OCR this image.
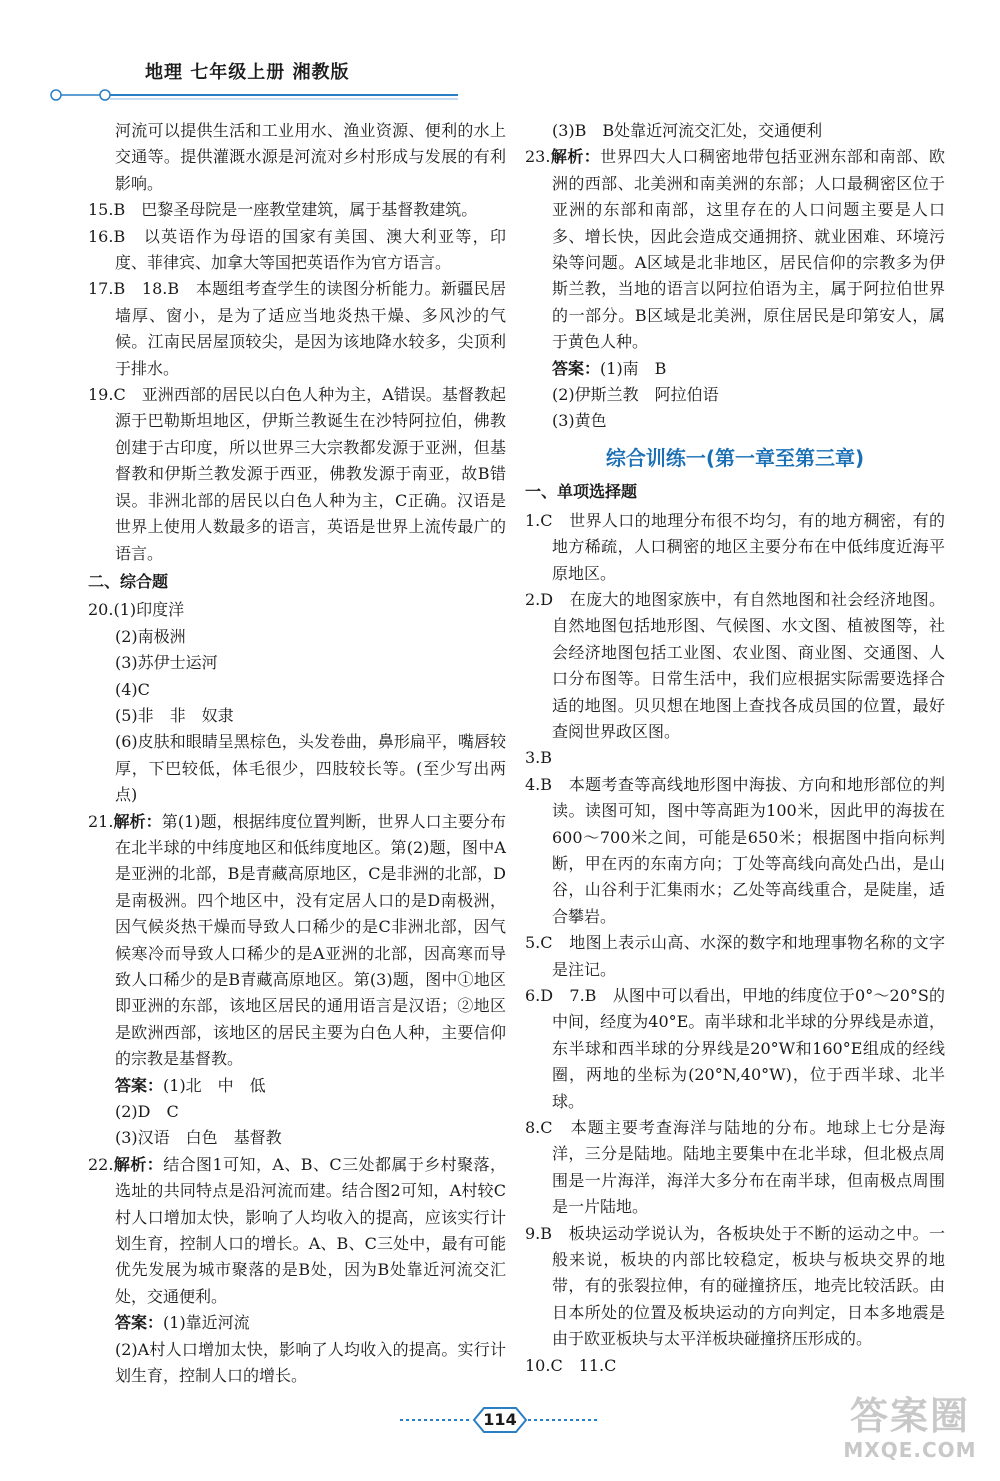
地理 七年级上册 湘教版

河流可以提供生活和工业用水、渔业资源、便利的水上交通等。提供灌溉水源是河流对乡村形成与发展的有利影响。

15.B　巴黎圣母院是一座教堂建筑，属于基督教建筑。

16.B　以英语作为母语的国家有美国、澳大利亚等，印度、菲律宾、加拿大等国把英语作为官方语言。

17.B　18.B　本题组考查学生的读图分析能力。新疆民居墙厚、窗小，是为了适应当地炎热干燥、多风沙的气候。江南民居屋顶较尖，是因为该地降水较多，尖顶利于排水。

19.C　亚洲西部的居民以白色人种为主，A错误。基督教起源于巴勒斯坦地区，伊斯兰教诞生在沙特阿拉伯，佛教创建于古印度，所以世界三大宗教都发源于亚洲，但基督教和伊斯兰教发源于西亚，佛教发源于南亚，故B错误。非洲北部的居民以白色人种为主，C正确。汉语是世界上使用人数最多的语言，英语是世界上流传最广的语言。

二、综合题

20.(1)印度洋

(2)南极洲

(3)苏伊士运河

(4)C

(5)非　非　奴隶

(6)皮肤和眼睛呈黑棕色，头发卷曲，鼻形扁平，嘴唇较厚，下巴较低，体毛很少，四肢较长等。(至少写出两点)

21.解析：第(1)题，根据纬度位置判断，世界人口主要分布在北半球的中纬度地区和低纬度地区。第(2)题，图中A是亚洲的北部，B是青藏高原地区，C是非洲的北部，D是南极洲。四个地区中，没有定居人口的是D南极洲，因气候炎热干燥而导致人口稀少的是C非洲北部，因气候寒冷而导致人口稀少的是A亚洲的北部，因高寒而导致人口稀少的是B青藏高原地区。第(3)题，图中①地区即亚洲的东部，该地区居民的通用语言是汉语；②地区是欧洲西部，该地区的居民主要为白色人种，主要信仰的宗教是基督教。

答案：(1)北　中　低

(2)D　C

(3)汉语　白色　基督教

22.解析：结合图1可知，A、B、C三处都属于乡村聚落，选址的共同特点是沿河流而建。结合图2可知，A村较C村人口增加太快，影响了人均收入的提高，应该实行计划生育，控制人口的增长。A、B、C三处中，最有可能优先发展为城市聚落的是B处，因为B处靠近河流交汇处，交通便利。

答案：(1)靠近河流

(2)A村人口增加太快，影响了人均收入的提高。实行计划生育，控制人口的增长。

(3)B　B处靠近河流交汇处，交通便利

23.解析：世界四大人口稠密地带包括亚洲东部和南部、欧洲的西部、北美洲和南美洲的东部；人口最稠密区位于亚洲的东部和南部，这里存在的人口问题主要是人口多、增长快，因此会造成交通拥挤、就业困难、环境污染等问题。A区域是北非地区，居民信仰的宗教多为伊斯兰教，当地的语言以阿拉伯语为主，属于阿拉伯世界的一部分。B区域是北美洲，原住居民是印第安人，属于黄色人种。

答案：(1)南　B

(2)伊斯兰教　阿拉伯语

(3)黄色

综合训练一(第一章至第三章)

一、单项选择题

1.C　世界人口的地理分布很不均匀，有的地方稠密，有的地方稀疏，人口稠密的地区主要分布在中低纬度近海平原地区。

2.D　在庞大的地图家族中，有自然地图和社会经济地图。自然地图包括地形图、气候图、水文图、植被图等，社会经济地图包括工业图、农业图、商业图、交通图、人口分布图等。日常生活中，我们应根据实际需要选择合适的地图。贝贝想在地图上查找各成员国的位置，最好查阅世界政区图。

3.B

4.B　本题考查等高线地形图中海拔、方向和地形部位的判读。读图可知，图中等高距为100米，因此甲的海拔在600～700米之间，可能是650米；根据图中指向标判断，甲在丙的东南方向；丁处等高线向高处凸出，是山谷，山谷利于汇集雨水；乙处等高线重合，是陡崖，适合攀岩。

5.C　地图上表示山高、水深的数字和地理事物名称的文字是注记。

6.D　7.B　从图中可以看出，甲地的纬度位于0°～20°S的中间，经度为40°E。南半球和北半球的分界线是赤道，东半球和西半球的分界线是20°W和160°E组成的经线圈，两地的坐标为(20°N,40°W)，位于西半球、北半球。

8.C　本题主要考查海洋与陆地的分布。地球上七分是海洋，三分是陆地。陆地主要集中在北半球，但北极点周围是一片海洋，海洋大多分布在南半球，但南极点周围是一片陆地。

9.B　板块运动学说认为，各板块处于不断的运动之中。一般来说，板块的内部比较稳定，板块与板块交界的地带，有的张裂拉伸，有的碰撞挤压，地壳比较活跃。由日本所处的位置及板块运动的方向判定，日本多地震是由于欧亚板块与太平洋板块碰撞挤压形成的。

10.C　11.C

114	答案圈
MXQE.COM
